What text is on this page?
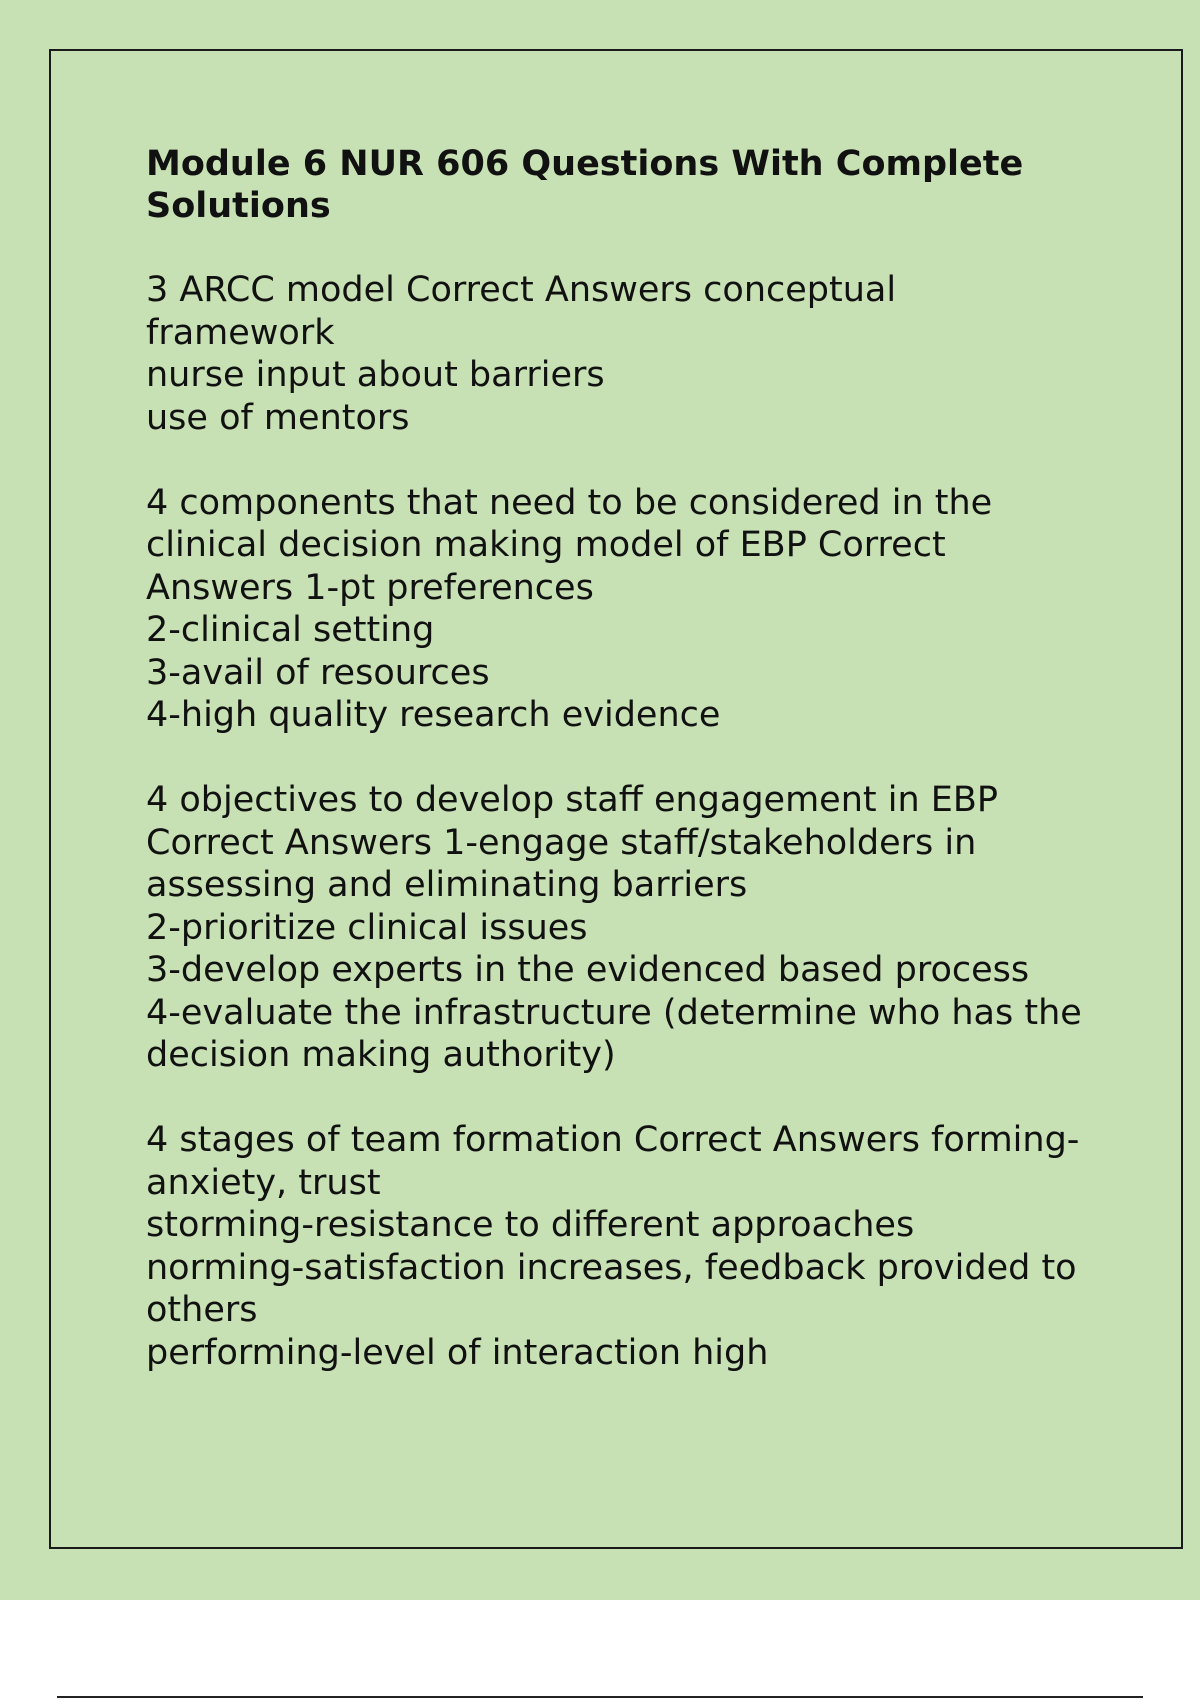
Module 6 NUR 606 Questions With Complete Solutions
3 ARCC model Correct Answers conceptual framework
nurse input about barriers
use of mentors
4 components that need to be considered in the clinical decision making model of EBP Correct Answers 1-pt preferences
2-clinical setting
3-avail of resources
4-high quality research evidence
4 objectives to develop staff engagement in EBP Correct Answers 1-engage staff/stakeholders in assessing and eliminating barriers
2-prioritize clinical issues
3-develop experts in the evidenced based process
4-evaluate the infrastructure (determine who has the decision making authority)
4 stages of team formation Correct Answers forming-anxiety, trust
storming-resistance to different approaches
norming-satisfaction increases, feedback provided to others
performing-level of interaction high
